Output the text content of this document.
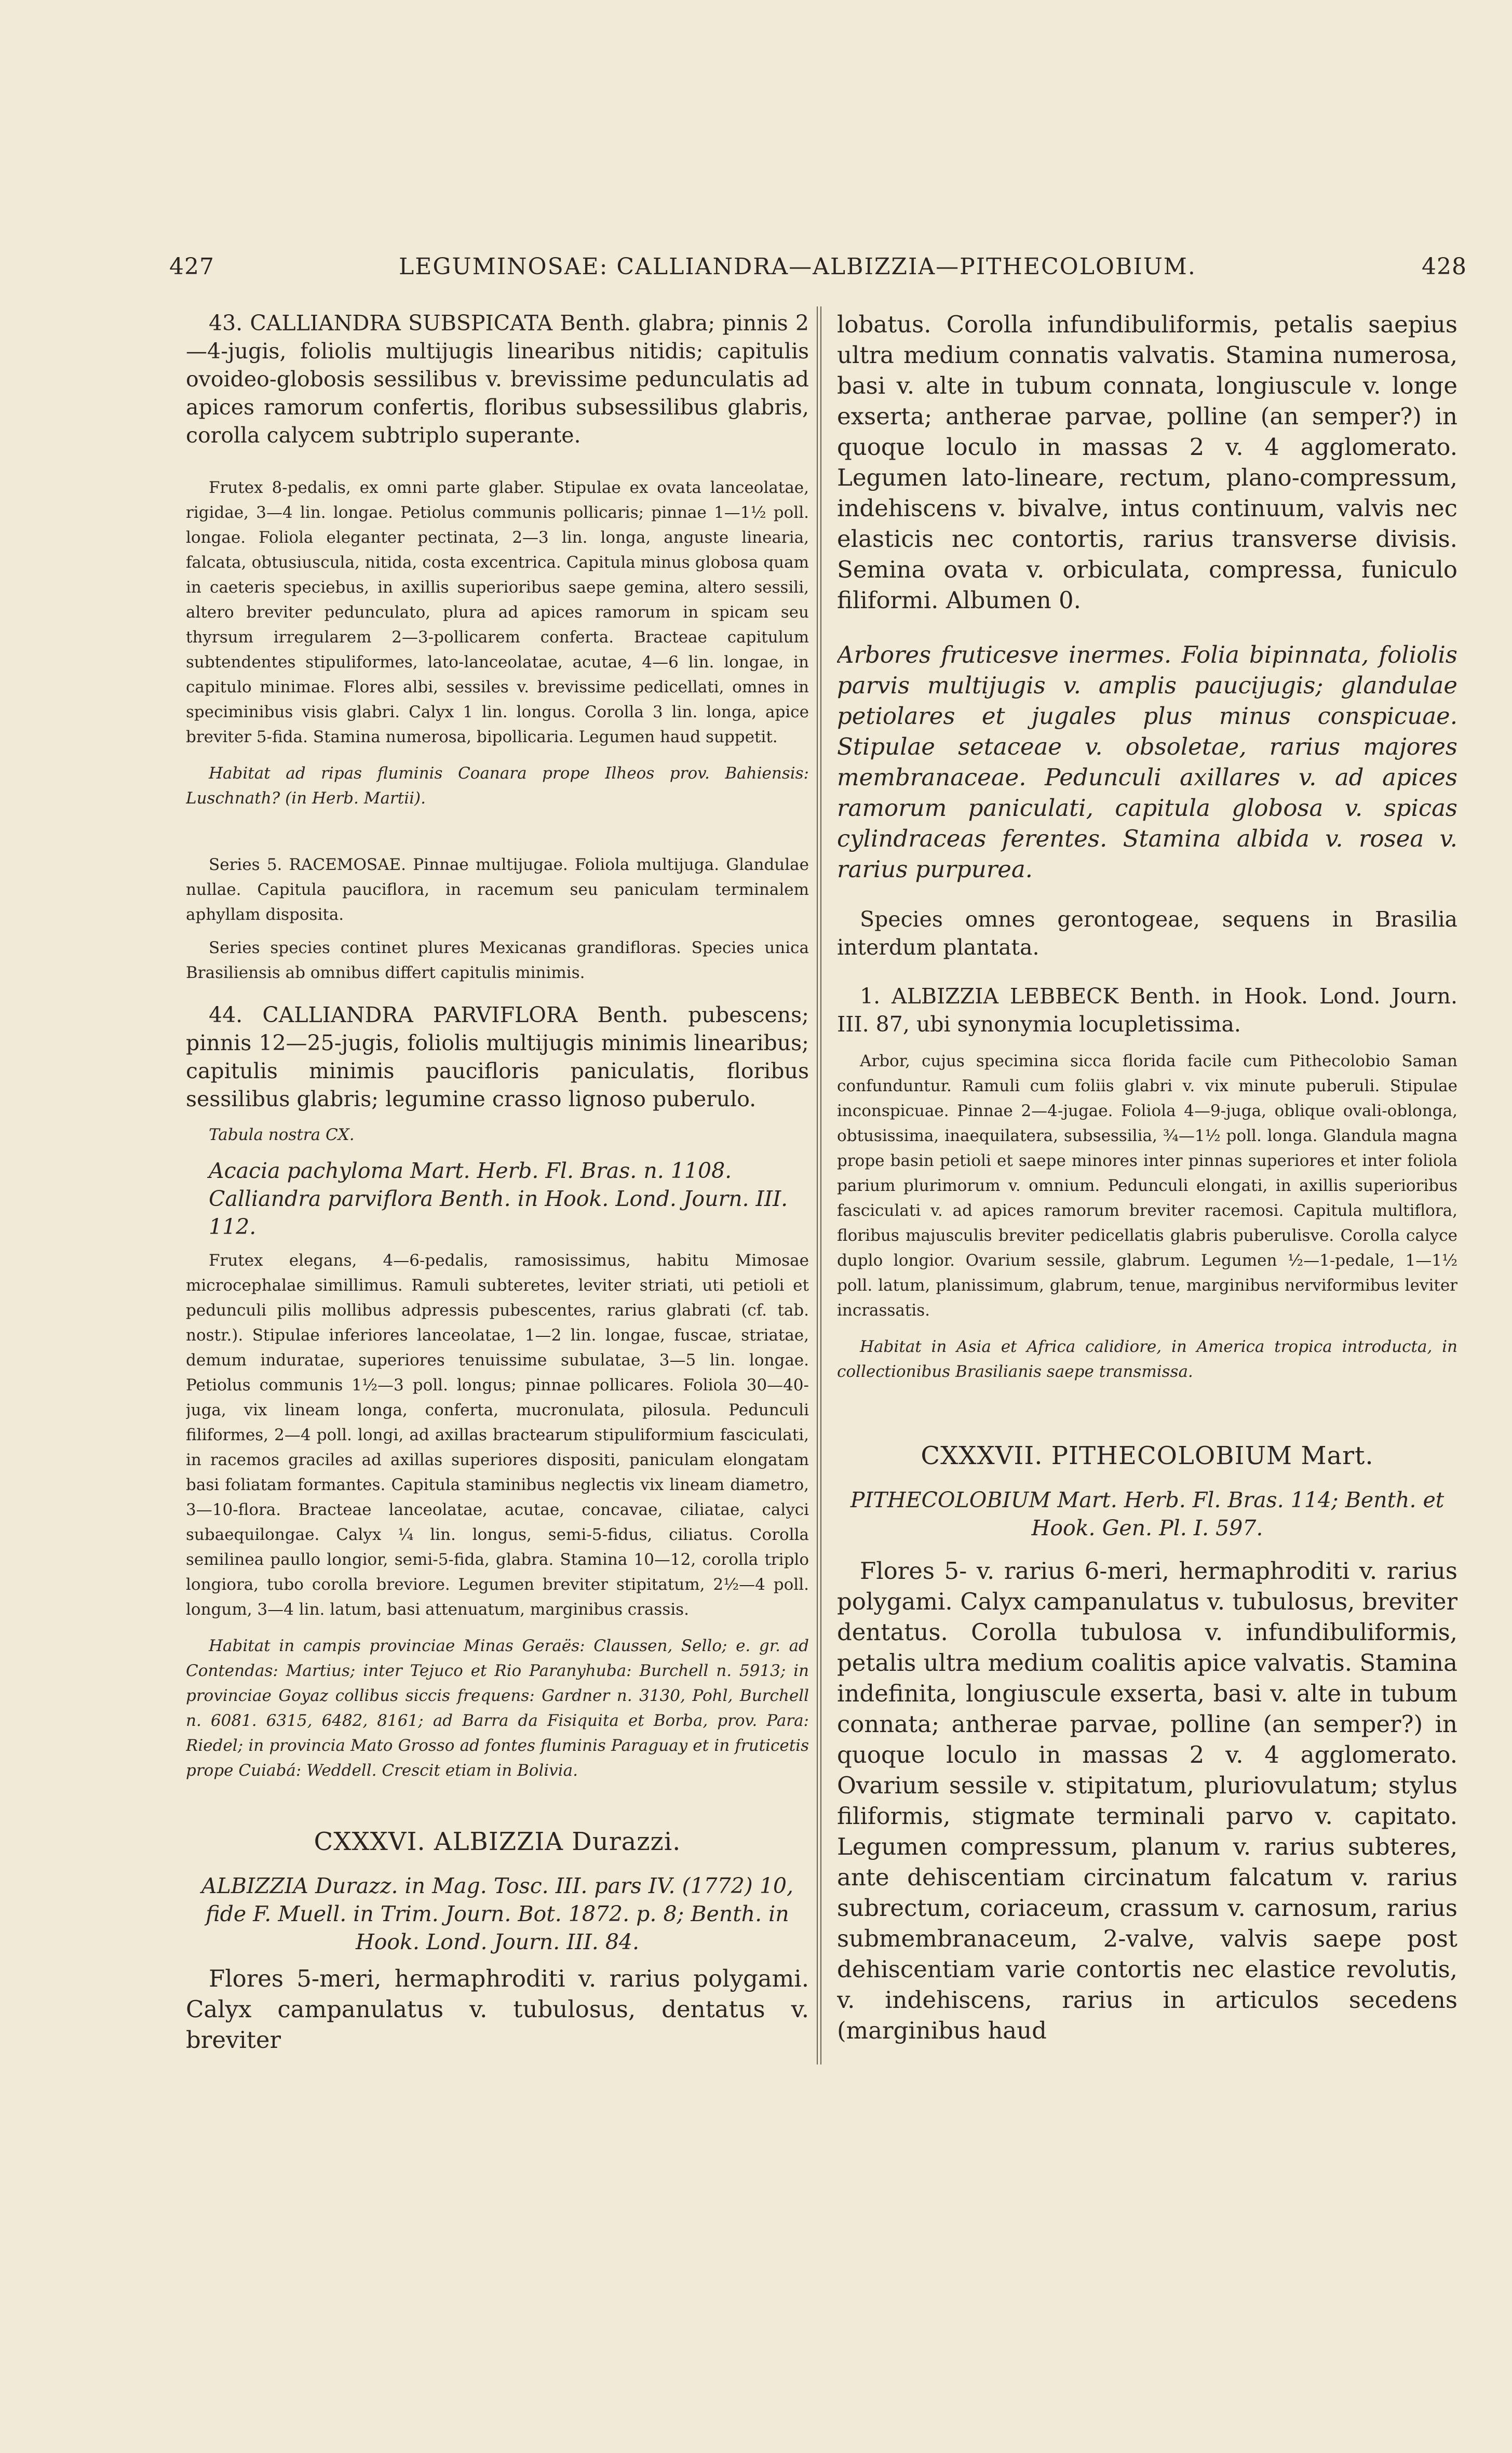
427	LEGUMINOSAE: CALLIANDRA—ALBIZZIA—PITHECOLOBIUM.	428

43. CALLIANDRA SUBSPICATA Benth. glabra; pinnis 2—4-jugis, foliolis multijugis linearibus nitidis; capitulis ovoideo-globosis sessilibus v. brevissime pedunculatis ad apices ramorum confertis, floribus subsessilibus glabris, corolla calycem subtriplo superante.

Frutex 8-pedalis, ex omni parte glaber. Stipulae ex ovata lanceolatae, rigidae, 3—4 lin. longae. Petiolus communis pollicaris; pinnae 1—1½ poll. longae. Foliola eleganter pectinata, 2—3 lin. longa, anguste linearia, falcata, obtusiuscula, nitida, costa excentrica. Capitula minus globosa quam in caeteris speciebus, in axillis superioribus saepe gemina, altero sessili, altero breviter pedunculato, plura ad apices ramorum in spicam seu thyrsum irregularem 2—3-pollicarem conferta. Bracteae capitulum subtendentes stipuliformes, lato-lanceolatae, acutae, 4—6 lin. longae, in capitulo minimae. Flores albi, sessiles v. brevissime pedicellati, omnes in speciminibus visis glabri. Calyx 1 lin. longus. Corolla 3 lin. longa, apice breviter 5-fida. Stamina numerosa, bipollicaria. Legumen haud suppetit.

Habitat ad ripas fluminis Coanara prope Ilheos prov. Bahiensis: Luschnath? (in Herb. Martii).

Series 5. RACEMOSAE. Pinnae multijugae. Foliola multijuga. Glandulae nullae. Capitula pauciflora, in racemum seu paniculam terminalem aphyllam disposita.

Series species continet plures Mexicanas grandifloras. Species unica Brasiliensis ab omnibus differt capitulis minimis.

44. CALLIANDRA PARVIFLORA Benth. pubescens; pinnis 12—25-jugis, foliolis multijugis minimis linearibus; capitulis minimis paucifloris paniculatis, floribus sessilibus glabris; legumine crasso lignoso puberulo.

Tabula nostra CX.

Acacia pachyloma Mart. Herb. Fl. Bras. n. 1108.

Calliandra parviflora Benth. in Hook. Lond. Journ. III. 112.

Frutex elegans, 4—6-pedalis, ramosissimus, habitu Mimosae microcephalae simillimus. Ramuli subteretes, leviter striati, uti petioli et pedunculi pilis mollibus adpressis pubescentes, rarius glabrati (cf. tab. nostr.). Stipulae inferiores lanceolatae, 1—2 lin. longae, fuscae, striatae, demum induratae, superiores tenuissime subulatae, 3—5 lin. longae. Petiolus communis 1½—3 poll. longus; pinnae pollicares. Foliola 30—40-juga, vix lineam longa, conferta, mucronulata, pilosula. Pedunculi filiformes, 2—4 poll. longi, ad axillas bractearum stipuliformium fasciculati, in racemos graciles ad axillas superiores dispositi, paniculam elongatam basi foliatam formantes. Capitula staminibus neglectis vix lineam diametro, 3—10-flora. Bracteae lanceolatae, acutae, concavae, ciliatae, calyci subaequilongae. Calyx ¼ lin. longus, semi-5-fidus, ciliatus. Corolla semilinea paullo longior, semi-5-fida, glabra. Stamina 10—12, corolla triplo longiora, tubo corolla breviore. Legumen breviter stipitatum, 2½—4 poll. longum, 3—4 lin. latum, basi attenuatum, marginibus crassis.

Habitat in campis provinciae Minas Geraës: Claussen, Sello; e. gr. ad Contendas: Martius; inter Tejuco et Rio Paranyhuba: Burchell n. 5913; in provinciae Goyaz collibus siccis frequens: Gardner n. 3130, Pohl, Burchell n. 6081. 6315, 6482, 8161; ad Barra da Fisiquita et Borba, prov. Para: Riedel; in provincia Mato Grosso ad fontes fluminis Paraguay et in fruticetis prope Cuiabá: Weddell. Crescit etiam in Bolivia.

CXXXVI. ALBIZZIA Durazzi.

ALBIZZIA Durazz. in Mag. Tosc. III. pars IV. (1772) 10, fide F. Muell. in Trim. Journ. Bot. 1872. p. 8; Benth. in Hook. Lond. Journ. III. 84.

Flores 5-meri, hermaphroditi v. rarius polygami. Calyx campanulatus v. tubulosus, dentatus v. breviter

lobatus. Corolla infundibuliformis, petalis saepius ultra medium connatis valvatis. Stamina numerosa, basi v. alte in tubum connata, longiuscule v. longe exserta; antherae parvae, polline (an semper?) in quoque loculo in massas 2 v. 4 agglomerato. Legumen lato-lineare, rectum, plano-compressum, indehiscens v. bivalve, intus continuum, valvis nec elasticis nec contortis, rarius transverse divisis. Semina ovata v. orbiculata, compressa, funiculo filiformi. Albumen 0.

Arbores fruticesve inermes. Folia bipinnata, foliolis parvis multijugis v. amplis paucijugis; glandulae petiolares et jugales plus minus conspicuae. Stipulae setaceae v. obsoletae, rarius majores membranaceae. Pedunculi axillares v. ad apices ramorum paniculati, capitula globosa v. spicas cylindraceas ferentes. Stamina albida v. rosea v. rarius purpurea.

Species omnes gerontogeae, sequens in Brasilia interdum plantata.

1. ALBIZZIA LEBBECK Benth. in Hook. Lond. Journ. III. 87, ubi synonymia locupletissima.

Arbor, cujus specimina sicca florida facile cum Pithecolobio Saman confunduntur. Ramuli cum foliis glabri v. vix minute puberuli. Stipulae inconspicuae. Pinnae 2—4-jugae. Foliola 4—9-juga, oblique ovali-oblonga, obtusissima, inaequilatera, subsessilia, ¾—1½ poll. longa. Glandula magna prope basin petioli et saepe minores inter pinnas superiores et inter foliola parium plurimorum v. omnium. Pedunculi elongati, in axillis superioribus fasciculati v. ad apices ramorum breviter racemosi. Capitula multiflora, floribus majusculis breviter pedicellatis glabris puberulisve. Corolla calyce duplo longior. Ovarium sessile, glabrum. Legumen ½—1-pedale, 1—1½ poll. latum, planissimum, glabrum, tenue, marginibus nerviformibus leviter incrassatis.

Habitat in Asia et Africa calidiore, in America tropica introducta, in collectionibus Brasilianis saepe transmissa.

CXXXVII. PITHECOLOBIUM Mart.

PITHECOLOBIUM Mart. Herb. Fl. Bras. 114; Benth. et Hook. Gen. Pl. I. 597.

Flores 5- v. rarius 6-meri, hermaphroditi v. rarius polygami. Calyx campanulatus v. tubulosus, breviter dentatus. Corolla tubulosa v. infundibuliformis, petalis ultra medium coalitis apice valvatis. Stamina indefinita, longiuscule exserta, basi v. alte in tubum connata; antherae parvae, polline (an semper?) in quoque loculo in massas 2 v. 4 agglomerato. Ovarium sessile v. stipitatum, pluriovulatum; stylus filiformis, stigmate terminali parvo v. capitato. Legumen compressum, planum v. rarius subteres, ante dehiscentiam circinatum falcatum v. rarius subrectum, coriaceum, crassum v. carnosum, rarius submembranaceum, 2-valve, valvis saepe post dehiscentiam varie contortis nec elastice revolutis, v. indehiscens, rarius in articulos secedens (marginibus haud
